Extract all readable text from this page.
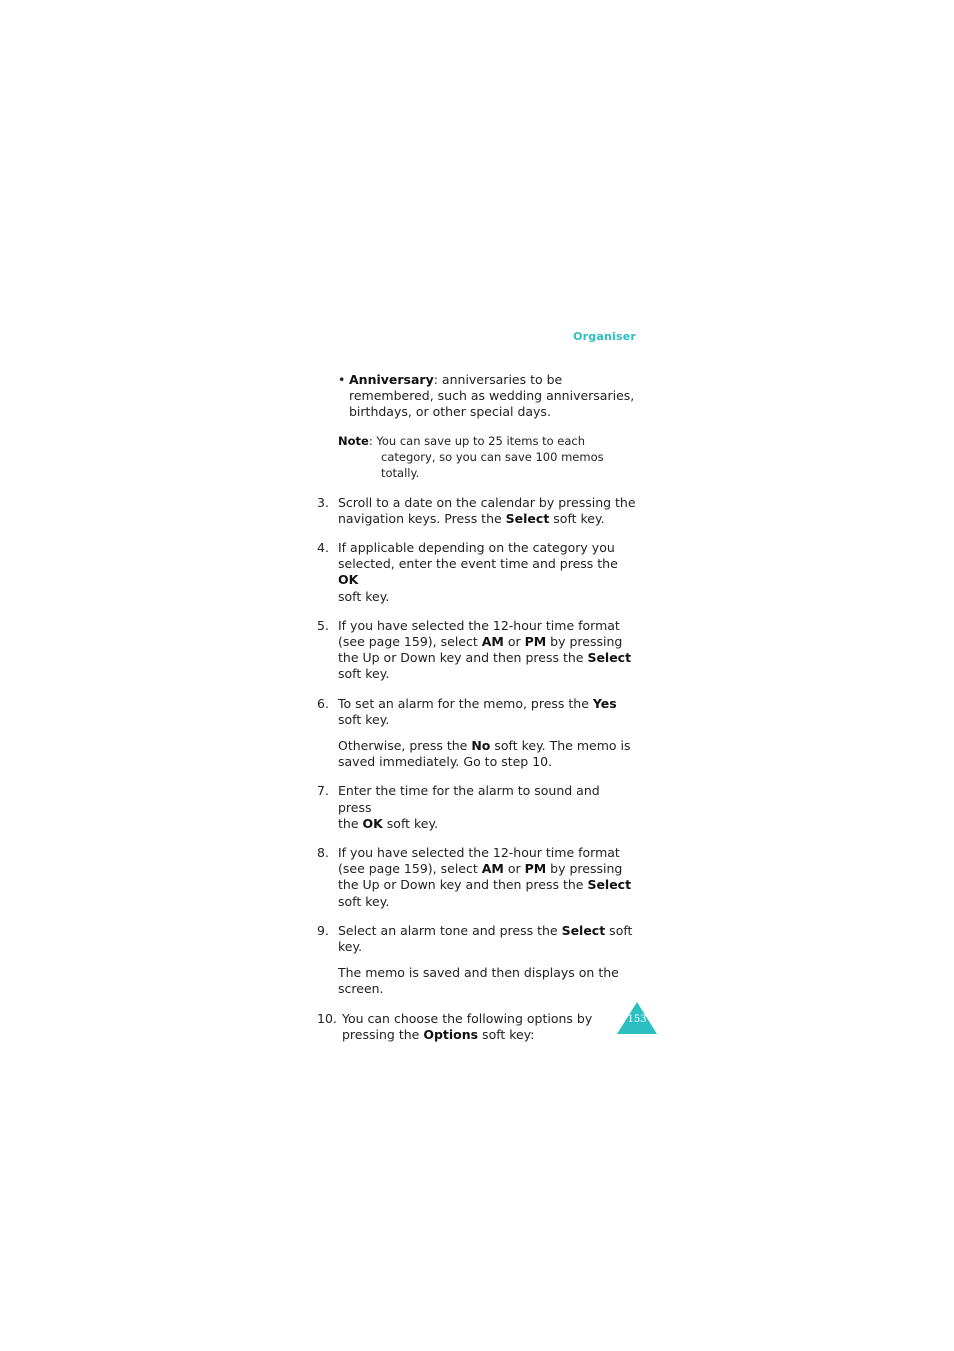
Organiser

• Anniversary: anniversaries to be
remembered, such as wedding anniversaries,
birthdays, or other special days.

Note: You can save up to 25 items to each
category, so you can save 100 memos
totally.
3. Scroll to a date on the calendar by pressing the
navigation keys. Press the Select soft key.

4. If applicable depending on the category you
selected, enter the event time and press the OK
soft key.

5. If you have selected the 12-hour time format
(see page 159), select AM or PM by pressing
the Up or Down key and then press the Select
soft key.

6. To set an alarm for the memo, press the Yes
soft key.

Otherwise, press the No soft key. The memo is
saved immediately. Go to step 10.

7. Enter the time for the alarm to sound and press
the OK soft key.

8. If you have selected the 12-hour time format
(see page 159), select AM or PM by pressing
the Up or Down key and then press the Select
soft key.

9. Select an alarm tone and press the Select soft
key.

The memo is saved and then displays on the
screen.

10. You can choose the following options by
pressing the Options soft key:

153
